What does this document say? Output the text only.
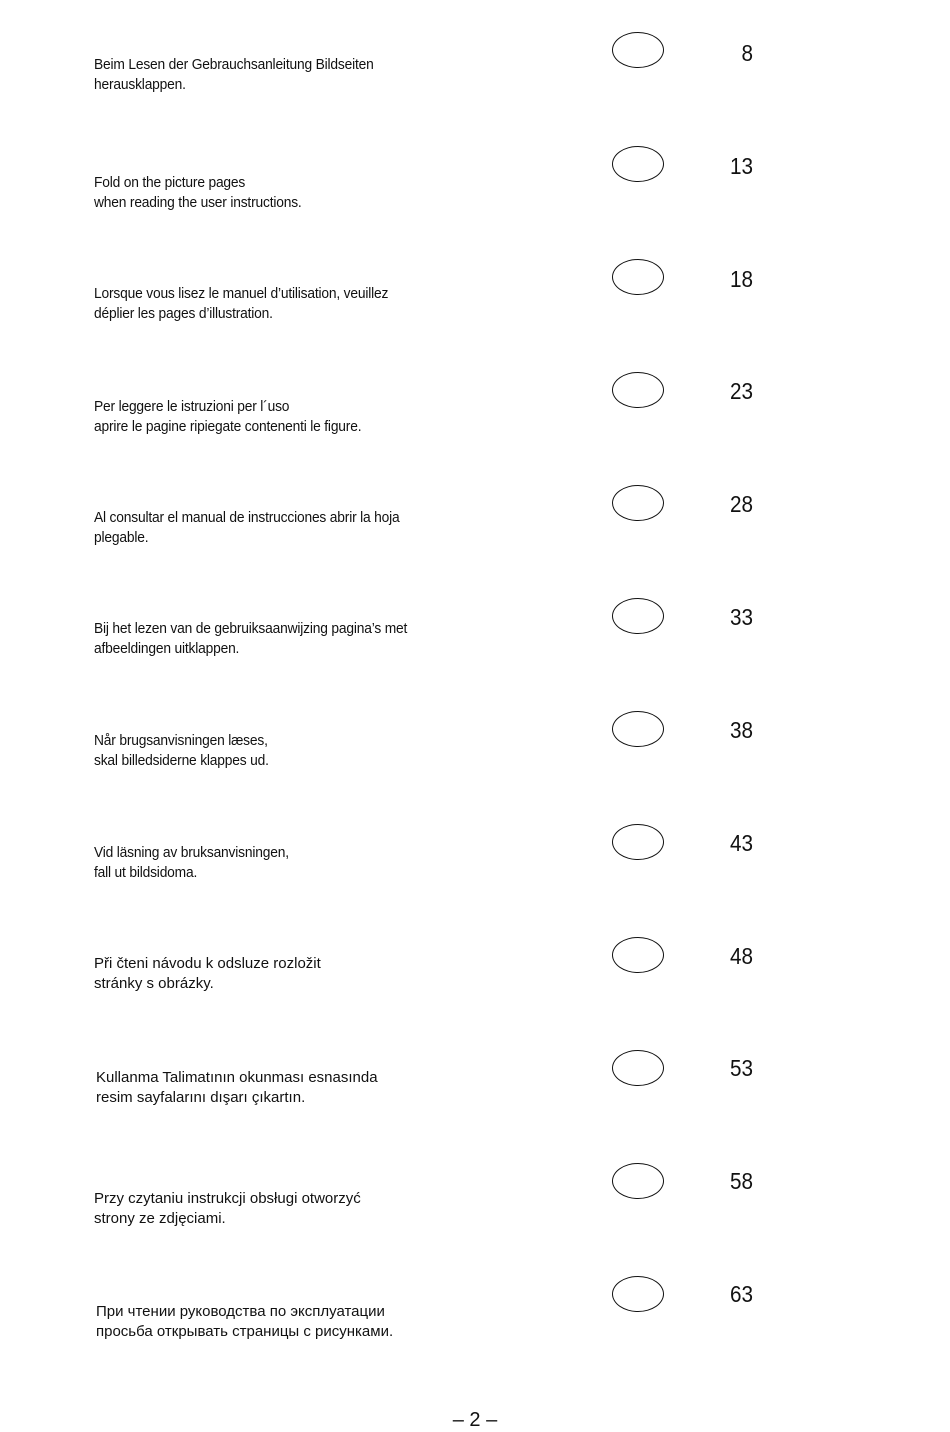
Beim Lesen der Gebrauchsanleitung Bildseiten
herausklappen.
8
Fold on the picture pages
when reading the user instructions.
13
Lorsque vous lisez le manuel d’utilisation, veuillez
déplier les pages d’illustration.
18
Per leggere le istruzioni per l´uso
aprire le pagine ripiegate contenenti le figure.
23
Al consultar el manual de instrucciones abrir la hoja
plegable.
28
Bij het lezen van de gebruiksaanwijzing pagina’s met
afbeeldingen uitklappen.
33
Når brugsanvisningen læses,
skal billedsiderne klappes ud.
38
Vid läsning av bruksanvisningen,
fall ut bildsidoma.
43
Při čteni návodu k odsluze rozložit
stránky s obrázky.
48
Kullanma Talimatının okunması esnasında
resim sayfalarını dışarı çıkartın.
53
Przy czytaniu instrukcji obsługi otworzyć
strony ze zdjęciami.
58
При чтении руководства по эксплуатации
просьба открывать страницы с рисунками.
63
– 2 –
